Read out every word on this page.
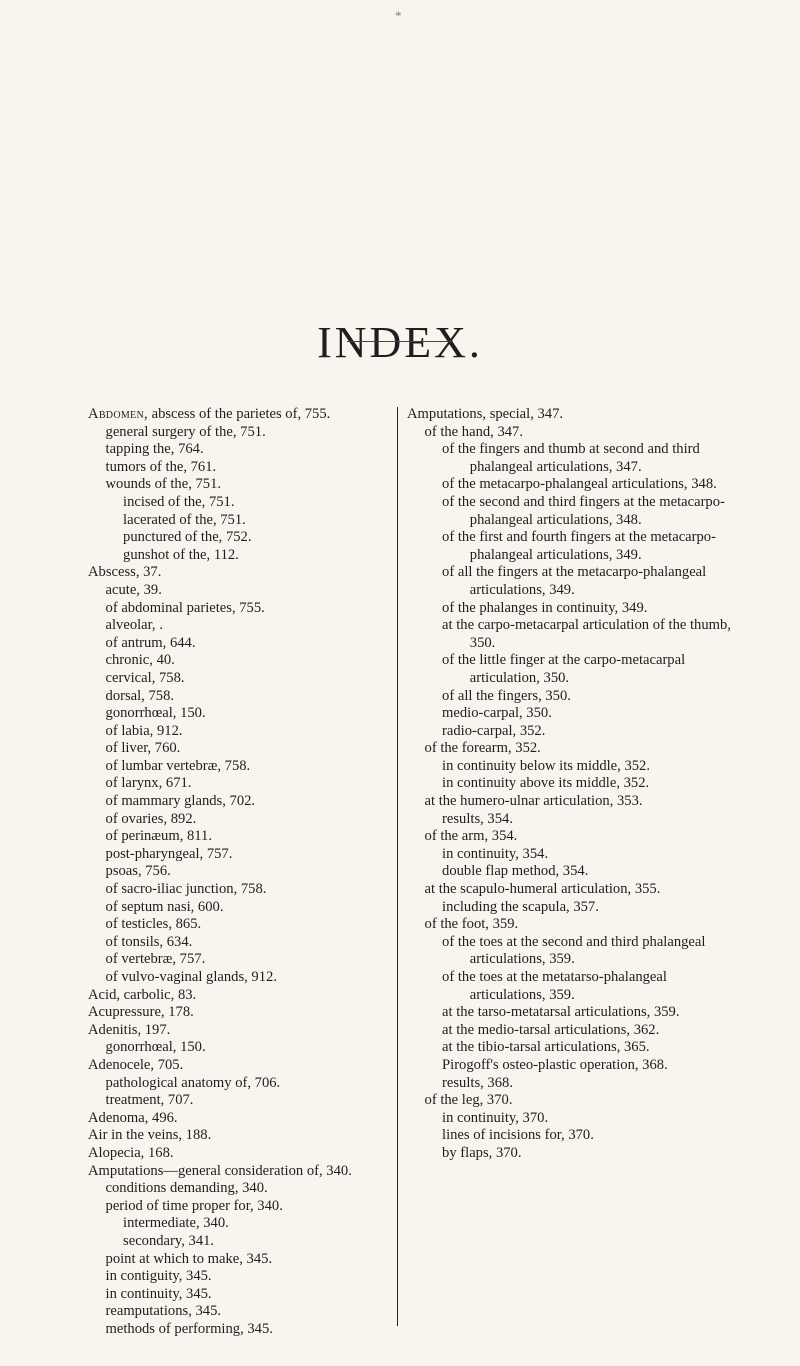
*
INDEX.
Abdomen, abscess of the parietes of, 755.
general surgery of the, 751.
tapping the, 764.
tumors of the, 761.
wounds of the, 751.
incised of the, 751.
lacerated of the, 751.
punctured of the, 752.
gunshot of the, 112.
Abscess, 37.
acute, 39.
of abdominal parietes, 755.
alveolar, .
of antrum, 644.
chronic, 40.
cervical, 758.
dorsal, 758.
gonorrhœal, 150.
of labia, 912.
of liver, 760.
of lumbar vertebræ, 758.
of larynx, 671.
of mammary glands, 702.
of ovaries, 892.
of perinæum, 811.
post-pharyngeal, 757.
psoas, 756.
of sacro-iliac junction, 758.
of septum nasi, 600.
of testicles, 865.
of tonsils, 634.
of vertebræ, 757.
of vulvo-vaginal glands, 912.
Acid, carbolic, 83.
Acupressure, 178.
Adenitis, 197.
gonorrhœal, 150.
Adenocele, 705.
pathological anatomy of, 706.
treatment, 707.
Adenoma, 496.
Air in the veins, 188.
Alopecia, 168.
Amputations—general consideration of, 340.
conditions demanding, 340.
period of time proper for, 340.
intermediate, 340.
secondary, 341.
point at which to make, 345.
in contiguity, 345.
in continuity, 345.
reamputations, 345.
methods of performing, 345.
Amputations, special, 347.
of the hand, 347.
of the fingers and thumb at second and third phalangeal articulations, 347.
of the metacarpo-phalangeal articulations, 348.
of the second and third fingers at the metacarpo-phalangeal articulations, 348.
of the first and fourth fingers at the metacarpo-phalangeal articulations, 349.
of all the fingers at the metacarpo-phalangeal articulations, 349.
of the phalanges in continuity, 349.
at the carpo-metacarpal articulation of the thumb, 350.
of the little finger at the carpo-metacarpal articulation, 350.
of all the fingers, 350.
medio-carpal, 350.
radio-carpal, 352.
of the forearm, 352.
in continuity below its middle, 352.
in continuity above its middle, 352.
at the humero-ulnar articulation, 353.
results, 354.
of the arm, 354.
in continuity, 354.
double flap method, 354.
at the scapulo-humeral articulation, 355.
including the scapula, 357.
of the foot, 359.
of the toes at the second and third phalangeal articulations, 359.
of the toes at the metatarso-phalangeal articulations, 359.
at the tarso-metatarsal articulations, 359.
at the medio-tarsal articulations, 362.
at the tibio-tarsal articulations, 365.
Pirogoff's osteo-plastic operation, 368.
results, 368.
of the leg, 370.
in continuity, 370.
lines of incisions for, 370.
by flaps, 370.
